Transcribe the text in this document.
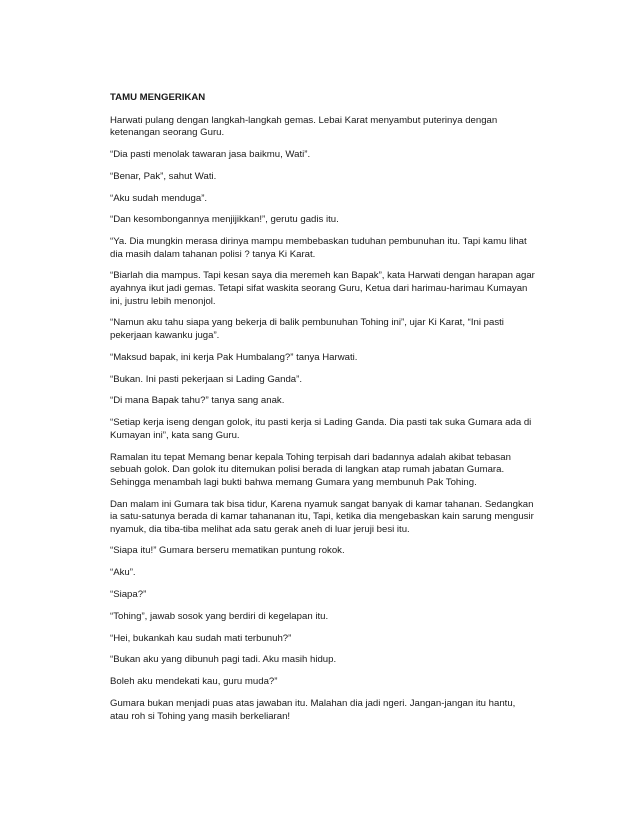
TAMU MENGERIKAN
Harwati pulang dengan langkah-langkah gemas. Lebai Karat menyambut puterinya dengan ketenangan seorang Guru.
“Dia pasti menolak tawaran jasa baikmu, Wati”.
“Benar, Pak”, sahut Wati.
“Aku sudah menduga”.
“Dan kesombongannya menjijikkan!”, gerutu gadis itu.
“Ya. Dia mungkin merasa dirinya mampu membebaskan tuduhan pembunuhan itu. Tapi kamu lihat dia masih dalam tahanan polisi ? tanya Ki Karat.
“Biarlah dia mampus. Tapi kesan saya dia meremeh kan Bapak”, kata Harwati dengan harapan agar ayahnya ikut jadi gemas. Tetapi sifat waskita seorang Guru, Ketua dari harimau-harimau Kumayan ini, justru lebih menonjol.
“Namun aku tahu siapa yang bekerja di balik pembunuhan Tohing ini”, ujar Ki Karat, “Ini pasti pekerjaan kawanku juga”.
“Maksud bapak, ini kerja Pak Humbalang?” tanya Harwati.
“Bukan. Ini pasti pekerjaan si Lading Ganda”.
“Di mana Bapak tahu?” tanya sang anak.
“Setiap kerja iseng dengan golok, itu pasti kerja si Lading Ganda. Dia pasti tak suka Gumara ada di Kumayan ini”, kata sang Guru.
Ramalan itu tepat Memang benar kepala Tohing terpisah dari badannya adalah akibat tebasan sebuah golok. Dan golok itu ditemukan polisi berada di langkan atap rumah jabatan Gumara. Sehingga menambah lagi bukti bahwa memang Gumara yang membunuh Pak Tohing.
Dan malam ini Gumara tak bisa tidur, Karena nyamuk sangat banyak di kamar tahanan. Sedangkan ia satu-satunya berada di kamar tahananan itu, Tapi, ketika dia mengebaskan kain sarung mengusir nyamuk, dia tiba-tiba melihat ada satu gerak aneh di luar jeruji besi itu.
“Siapa itu!” Gumara berseru mematikan puntung rokok.
“Aku”.
“Siapa?”
“Tohing”, jawab sosok yang berdiri di kegelapan itu.
“Hei, bukankah kau sudah mati terbunuh?”
“Bukan aku yang dibunuh pagi tadi. Aku masih hidup.
Boleh aku mendekati kau, guru muda?”
Gumara bukan menjadi puas atas jawaban itu. Malahan dia jadi ngeri. Jangan-jangan itu hantu, atau roh si Tohing yang masih berkeliaran!
